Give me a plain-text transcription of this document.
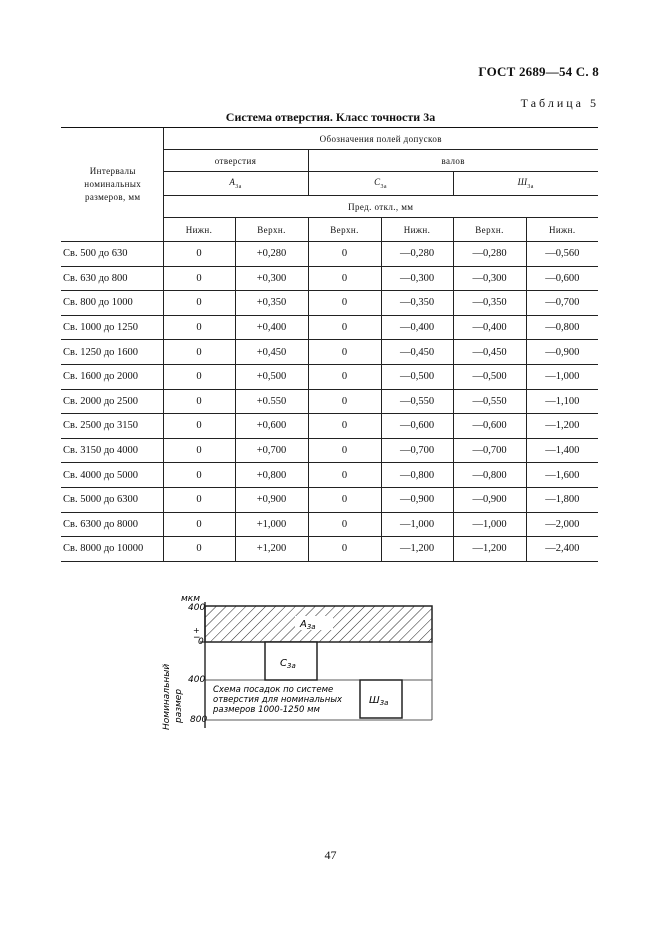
ГОСТ 2689—54 С. 8
Таблица 5
Система отверстия. Класс точности 3а
Интервалы
номинальных
размеров, мм	Обозначения полей допусков					
	отверстия		валов			
	$А_{3а}$		$С_{3а}$		$Ш_{3а}$
	Пред. откл., мм					
	Нижн.	Верхн.	Верхн.	Нижн.	Верхн.	Нижн.
Св. 500 до 630	0	+0,280	0	—0,280	—0,280	—0,560
Св. 630 до 800	0	+0,300	0	—0,300	—0,300	—0,600
Св. 800 до 1000	0	+0,350	0	—0,350	—0,350	—0,700
Св. 1000 до 1250	0	+0,400	0	—0,400	—0,400	—0,800
Св. 1250 до 1600	0	+0,450	0	—0,450	—0,450	—0,900
Св. 1600 до 2000	0	+0,500	0	—0,500	—0,500	—1,000
Св. 2000 до 2500	0	+0.550	0	—0,550	—0,550	—1,100
Св. 2500 до 3150	0	+0,600	0	—0,600	—0,600	—1,200
Св. 3150 до 4000	0	+0,700	0	—0,700	—0,700	—1,400
Св. 4000 до 5000	0	+0,800	0	—0,800	—0,800	—1,600
Св. 5000 до 6300	0	+0,900	0	—0,900	—0,900	—1,800
Св. 6300 до 8000	0	+1,000	0	—1,000	—1,000	—2,000
Св. 8000 до 10000	0	+1,200	0	—1,200	—1,200	—2,400
мкм
400
+
−
0
400
800
Номинальный размер
$А_{3а}$
$С_{3а}$
Схема посадок по системе
отверстия для номинальных
размеров 1000-1250 мм
$Ш_{3а}$
47
